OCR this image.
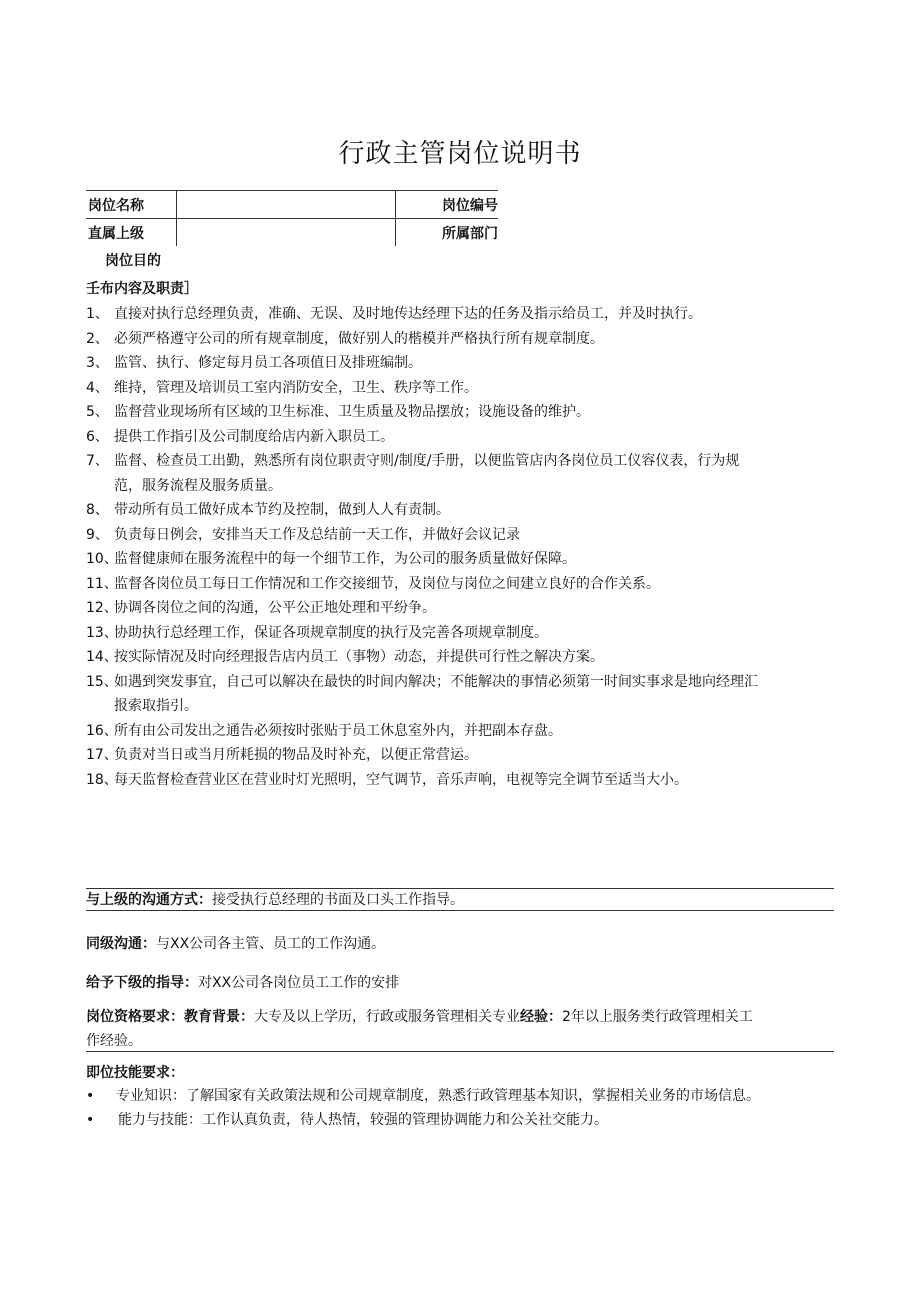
行政主管岗位说明书
岗位名称	岗位编号
直属上级	所属部门
岗位目的
壬布内容及职责］
1、 直接对执行总经理负责，准确、无误、及时地传达经理下达的任务及指示给员工，并及时执行。
2、 必须严格遵守公司的所有规章制度，做好别人的楷模并严格执行所有规章制度。
3、 监管、执行、修定每月员工各项值日及排班编制。
4、 维持，管理及培训员工室内消防安全，卫生、秩序等工作。
5、 监督营业现场所有区域的卫生标准、卫生质量及物品摆放；设施设备的维护。
6、 提供工作指引及公司制度给店内新入职员工。
7、 监督、检查员工出勤，熟悉所有岗位职责守则/制度/手册，以便监管店内各岗位员工仪容仪表，行为规
范，服务流程及服务质量。
8、 带动所有员工做好成本节约及控制，做到人人有责制。
9、 负责每日例会，安排当天工作及总结前一天工作，并做好会议记录
10、
监督健康师在服务流程中的每一个细节工作，为公司的服务质量做好保障。
11、
监督各岗位员工每日工作情况和工作交接细节，及岗位与岗位之间建立良好的合作关系。
12、
协调各岗位之间的沟通，公平公正地处理和平纷争。
13、
协助执行总经理工作，保证各项规章制度的执行及完善各项规章制度。
14、
按实际情况及时向经理报告店内员工（事物）动态，并提供可行性之解决方案。
15、
如遇到突发事宜，自己可以解决在最快的时间内解决；不能解决的事情必须第一时间实事求是地向经理汇
报索取指引。
16、
所有由公司发出之通告必须按时张贴于员工休息室外内，并把副本存盘。
17、
负责对当日或当月所耗损的物品及时补充，以便正常营运。
18、
每天监督检查营业区在营业时灯光照明，空气调节，音乐声响，电视等完全调节至适当大小。
与上级的沟通方式：接受执行总经理的书面及口头工作指导。
同级沟通：与XX公司各主管、员工的工作沟通。
给予下级的指导：对XX公司各岗位员工工作的安排
岗位资格要求：教育背景：大专及以上学历，行政或服务管理相关专业经验：2年以上服务类行政管理相关工
作经验。
即位技能要求：
• 专业知识：了解国家有关政策法规和公司规章制度，熟悉行政管理基本知识，掌握相关业务的市场信息。
• 能力与技能：工作认真负责，待人热情，较强的管理协调能力和公关社交能力。
